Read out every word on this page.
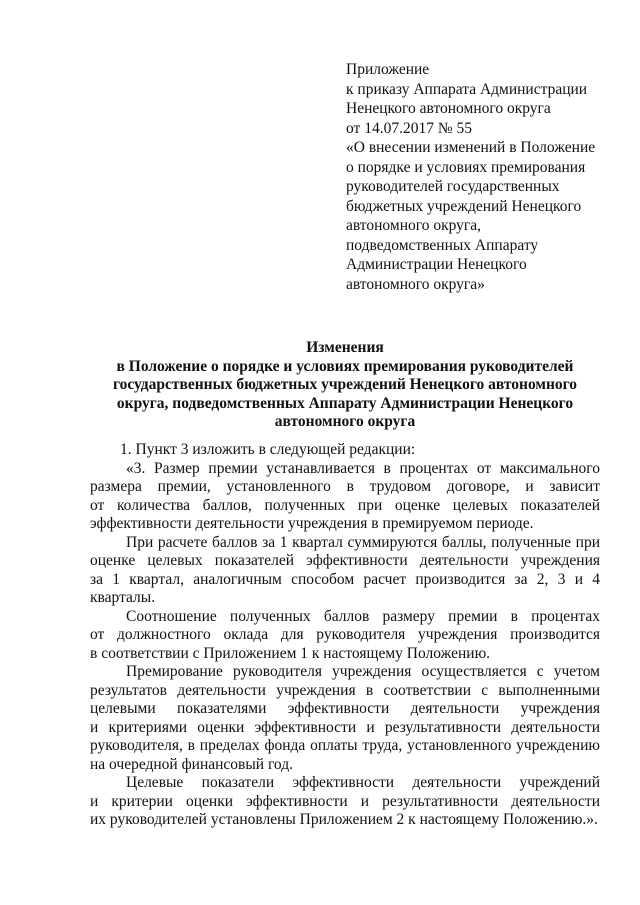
Приложение
к приказу Аппарата Администрации
Ненецкого автономного округа
от 14.07.2017 № 55
«О внесении изменений в Положение
о порядке и условиях премирования
руководителей государственных
бюджетных учреждений Ненецкого
автономного округа,
подведомственных Аппарату
Администрации Ненецкого
автономного округа»
Изменения
в Положение о порядке и условиях премирования руководителей
государственных бюджетных учреждений Ненецкого автономного
округа, подведомственных Аппарату Администрации Ненецкого
автономного округа
1. Пункт 3 изложить в следующей редакции:
«3. Размер премии устанавливается в процентах от максимального
размера премии, установленного в трудовом договоре, и зависит
от количества баллов, полученных при оценке целевых показателей
эффективности деятельности учреждения в премируемом периоде.
При расчете баллов за 1 квартал суммируются баллы, полученные при
оценке целевых показателей эффективности деятельности учреждения
за 1 квартал, аналогичным способом расчет производится за 2, 3 и 4
кварталы.
Соотношение полученных баллов размеру премии в процентах
от должностного оклада для руководителя учреждения производится
в соответствии с Приложением 1 к настоящему Положению.
Премирование руководителя учреждения осуществляется с учетом
результатов деятельности учреждения в соответствии с выполненными
целевыми показателями эффективности деятельности учреждения
и критериями оценки эффективности и результативности деятельности
руководителя, в пределах фонда оплаты труда, установленного учреждению
на очередной финансовый год.
Целевые показатели эффективности деятельности учреждений
и критерии оценки эффективности и результативности деятельности
их руководителей установлены Приложением 2 к настоящему Положению.».
